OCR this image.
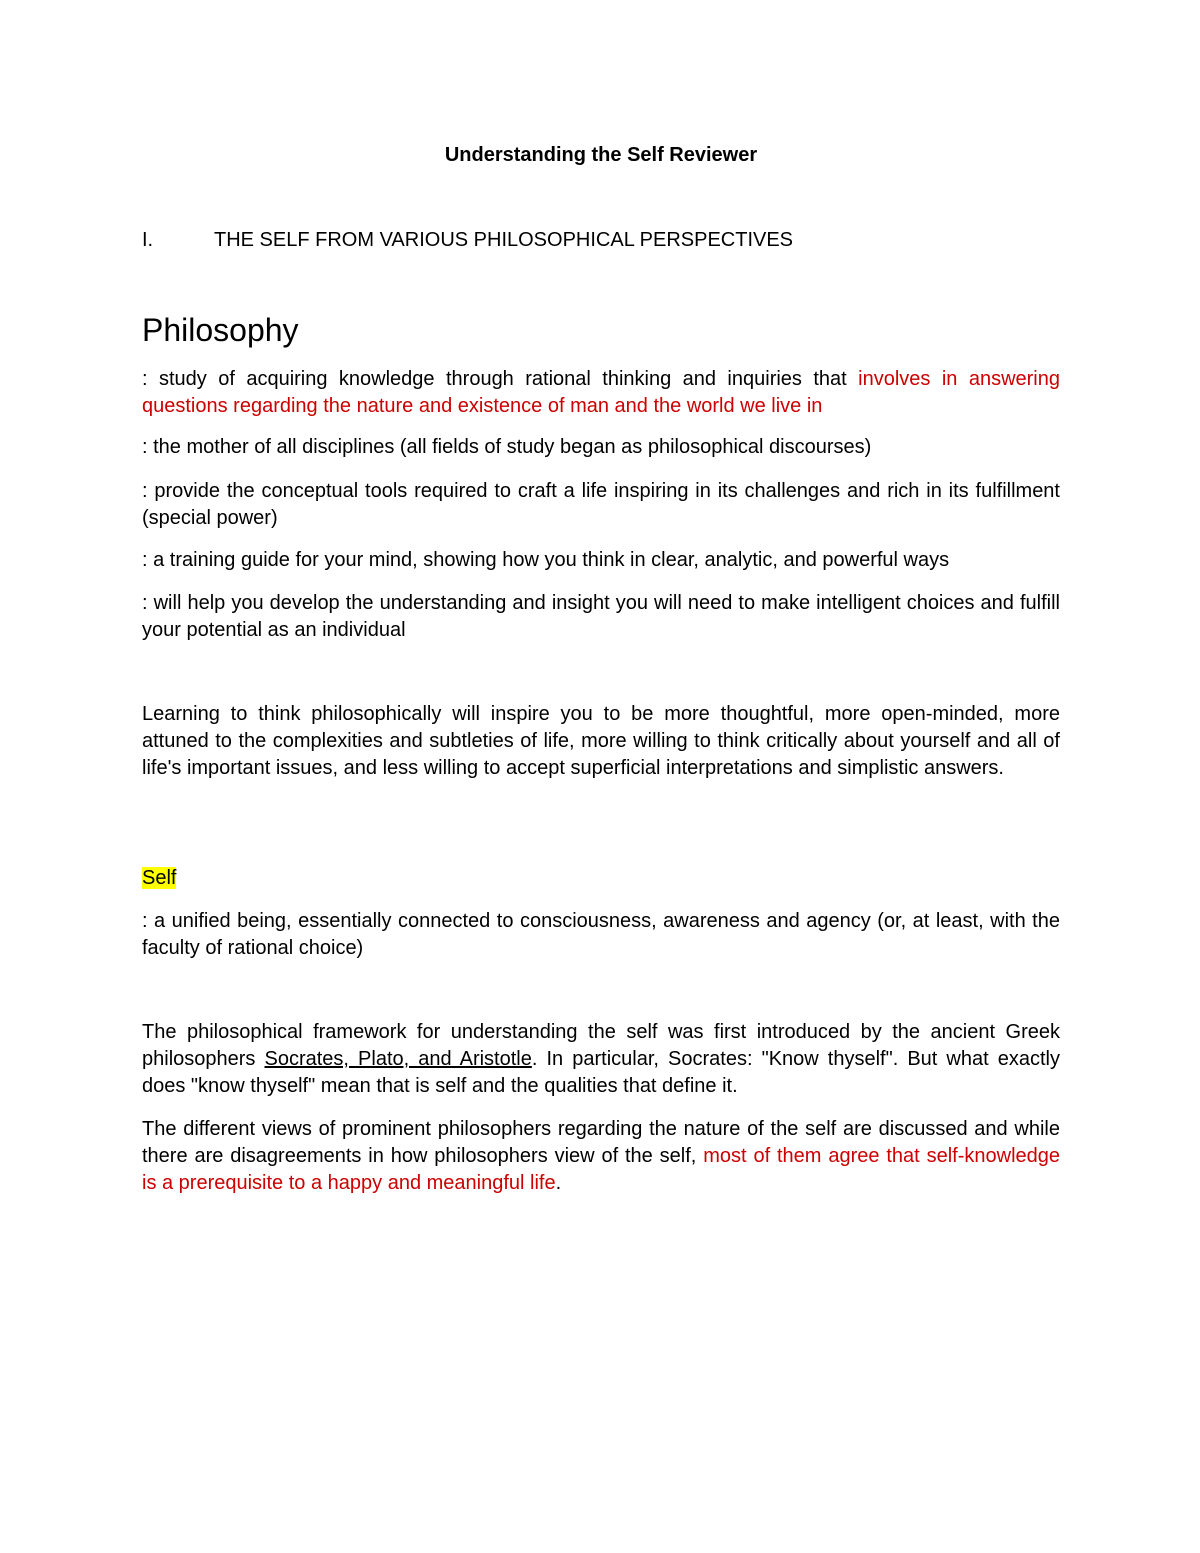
Understanding the Self Reviewer
I.	THE SELF FROM VARIOUS PHILOSOPHICAL PERSPECTIVES
Philosophy

: study of acquiring knowledge through rational thinking and inquiries that involves in answering questions regarding the nature and existence of man and the world we live in

: the mother of all disciplines (all fields of study began as philosophical discourses)

: provide the conceptual tools required to craft a life inspiring in its challenges and rich in its fulfillment (special power)

: a training guide for your mind, showing how you think in clear, analytic, and powerful ways

: will help you develop the understanding and insight you will need to make intelligent choices and fulfill your potential as an individual

Learning to think philosophically will inspire you to be more thoughtful, more open-minded, more attuned to the complexities and subtleties of life, more willing to think critically about yourself and all of life's important issues, and less willing to accept superficial interpretations and simplistic answers.

Self

: a unified being, essentially connected to consciousness, awareness and agency (or, at least, with the faculty of rational choice)

The philosophical framework for understanding the self was first introduced by the ancient Greek philosophers Socrates, Plato, and Aristotle. In particular, Socrates: "Know thyself". But what exactly does "know thyself" mean that is self and the qualities that define it.

The different views of prominent philosophers regarding the nature of the self are discussed and while there are disagreements in how philosophers view of the self, most of them agree that self-knowledge is a prerequisite to a happy and meaningful life.
